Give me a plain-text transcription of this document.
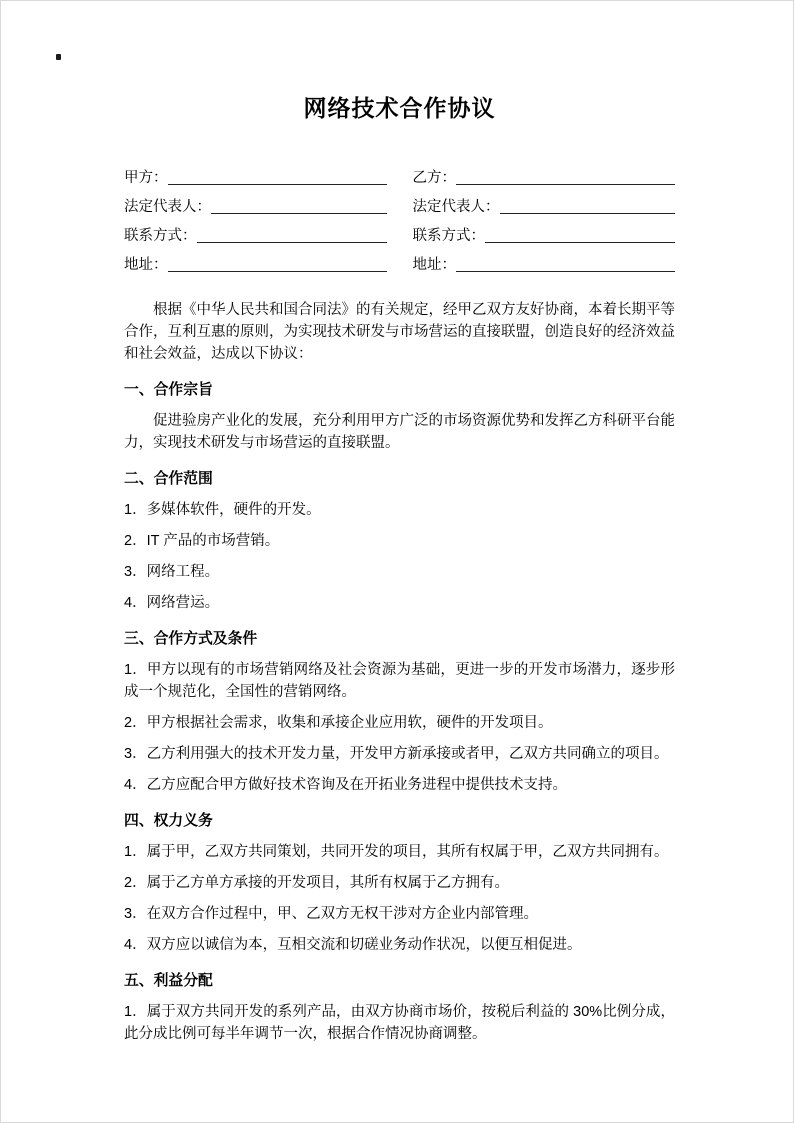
网络技术合作协议
甲方：	乙方：
法定代表人：	法定代表人：
联系方式：	联系方式：
地址：	地址：

根据《中华人民共和国合同法》的有关规定，经甲乙双方友好协商，本着长期平等合作，互利互惠的原则，为实现技术研发与市场营运的直接联盟，创造良好的经济效益和社会效益，达成以下协议：

一、合作宗旨

促进验房产业化的发展，充分利用甲方广泛的市场资源优势和发挥乙方科研平台能力，实现技术研发与市场营运的直接联盟。

二、合作范围

1．多媒体软件，硬件的开发。

2．IT 产品的市场营销。

3．网络工程。

4．网络营运。

三、合作方式及条件

1．甲方以现有的市场营销网络及社会资源为基础，更进一步的开发市场潜力，逐步形成一个规范化，全国性的营销网络。

2．甲方根据社会需求，收集和承接企业应用软，硬件的开发项目。

3．乙方利用强大的技术开发力量，开发甲方新承接或者甲，乙双方共同确立的项目。

4．乙方应配合甲方做好技术咨询及在开拓业务进程中提供技术支持。

四、权力义务

1．属于甲，乙双方共同策划，共同开发的项目，其所有权属于甲，乙双方共同拥有。

2．属于乙方单方承接的开发项目，其所有权属于乙方拥有。

3．在双方合作过程中，甲、乙双方无权干涉对方企业内部管理。

4．双方应以诚信为本，互相交流和切磋业务动作状况，以便互相促进。

五、利益分配

1．属于双方共同开发的系列产品，由双方协商市场价，按税后利益的 30%比例分成，此分成比例可每半年调节一次，根据合作情况协商调整。
